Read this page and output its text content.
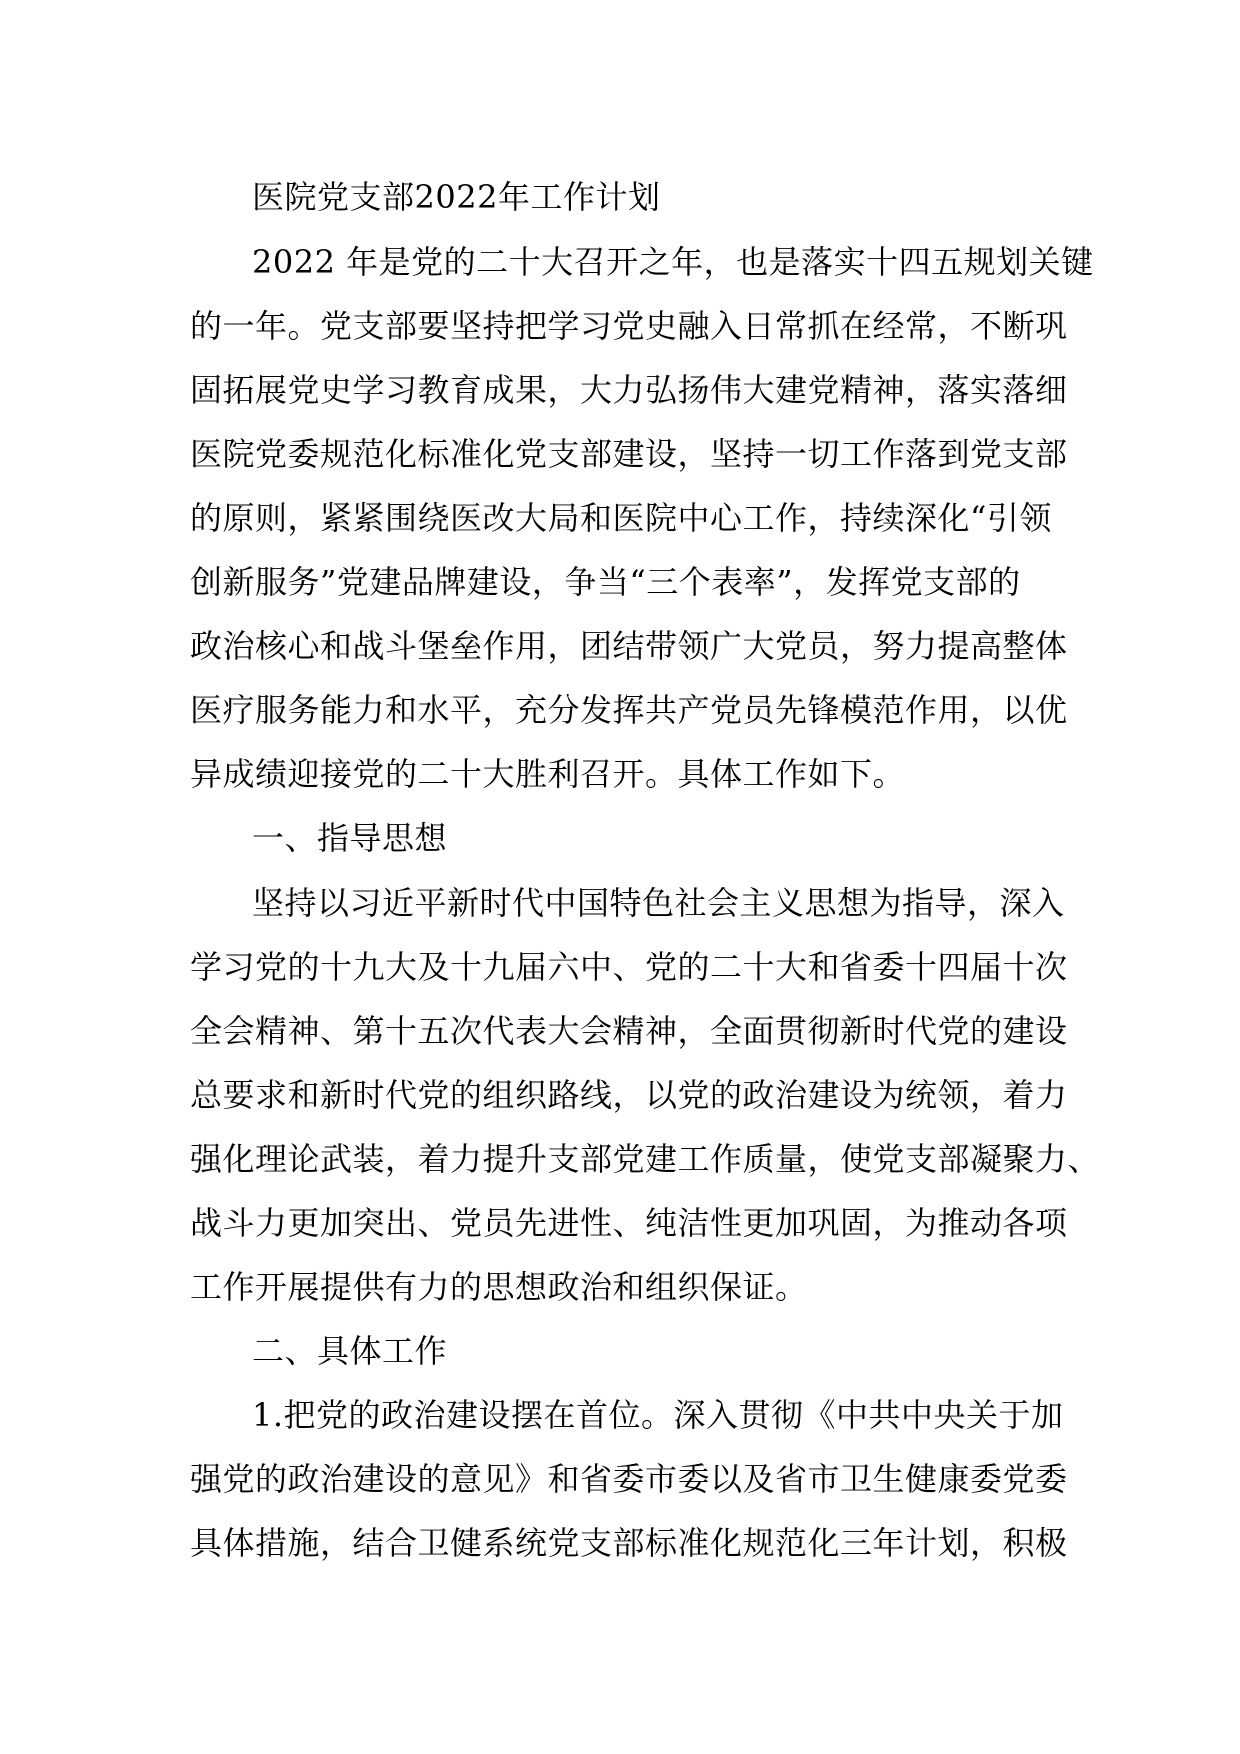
医院党支部2022年工作计划
2022 年是党的二十大召开之年，也是落实十四五规划关键
的一年。党支部要坚持把学习党史融入日常抓在经常，不断巩
固拓展党史学习教育成果，大力弘扬伟大建党精神，落实落细
医院党委规范化标准化党支部建设，坚持一切工作落到党支部
的原则，紧紧围绕医改大局和医院中心工作，持续深化“引领
创新服务”党建品牌建设，争当“三个表率”，发挥党支部的
政治核心和战斗堡垒作用，团结带领广大党员，努力提高整体
医疗服务能力和水平，充分发挥共产党员先锋模范作用，以优
异成绩迎接党的二十大胜利召开。具体工作如下。
一、指导思想
坚持以习近平新时代中国特色社会主义思想为指导，深入
学习党的十九大及十九届六中、党的二十大和省委十四届十次
全会精神、第十五次代表大会精神，全面贯彻新时代党的建设
总要求和新时代党的组织路线，以党的政治建设为统领，着力
强化理论武装，着力提升支部党建工作质量，使党支部凝聚力、
战斗力更加突出、党员先进性、纯洁性更加巩固，为推动各项
工作开展提供有力的思想政治和组织保证。
二、具体工作
1.把党的政治建设摆在首位。深入贯彻《中共中央关于加
强党的政治建设的意见》和省委市委以及省市卫生健康委党委
具体措施，结合卫健系统党支部标准化规范化三年计划，积极
